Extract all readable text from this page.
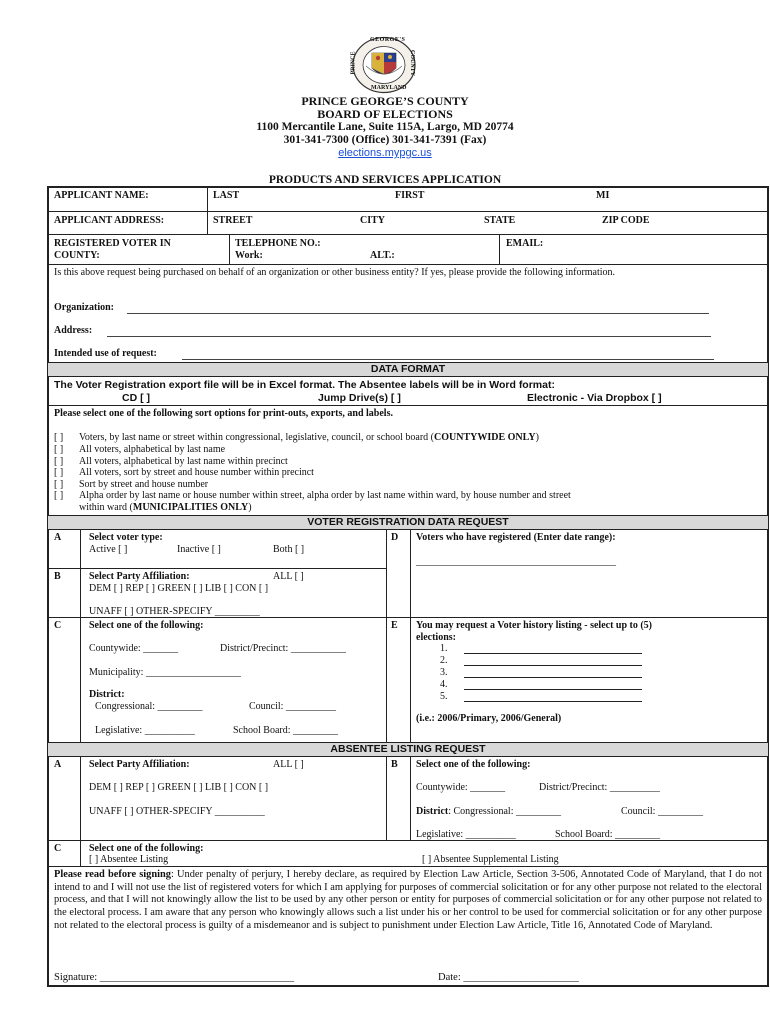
GEORGE'S
PRINCE	COUNTY
MARYLAND
PRINCE GEORGE’S COUNTY
BOARD OF ELECTIONS
1100 Mercantile Lane, Suite 115A, Largo, MD 20774
301-341-7300 (Office) 301-341-7391 (Fax)
elections.mypgc.us
PRODUCTS AND SERVICES APPLICATION
APPLICANT NAME:	LAST	FIRST	MI
APPLICANT ADDRESS:	STREET	CITY	STATE	ZIP CODE
REGISTERED VOTER IN
COUNTY:
TELEPHONE NO.:
Work:	ALT.:
EMAIL:
Is this above request being purchased on behalf of an organization or other business entity? If yes, please provide the following information.
Organization:
Address:
Intended use of request:
DATA FORMAT
The Voter Registration export file will be in Excel format. The Absentee labels will be in Word format:
CD [ ]	Jump Drive(s) [ ]	Electronic - Via Dropbox [ ]
Please select one of the following sort options for print-outs, exports, and labels.
[ ] Voters, by last name or street within congressional, legislative, council, or school board (COUNTYWIDE ONLY)
[ ] All voters, alphabetical by last name
[ ] All voters, alphabetical by last name within precinct
[ ] All voters, sort by street and house number within precinct
[ ] Sort by street and house number
[ ] Alpha order by last name or house number within street, alpha order by last name within ward, by house number and street
within ward (MUNICIPALITIES ONLY)
VOTER REGISTRATION DATA REQUEST
A	Select voter type:
Active [ ]	Inactive [ ]	Both [ ]
B	Select Party Affiliation:	ALL [ ]
DEM [ ] REP [ ] GREEN [ ] LIB [ ] CON [ ]
UNAFF [ ] OTHER-SPECIFY _________
D Voters who have registered (Enter date range):
________________________________________
C	Select one of the following:
Countywide: _______	District/Precinct: ___________
Municipality: ___________________
District:
Congressional: _________	Council: __________
Legislative: __________	School Board: _________
E You may request a Voter history listing - select up to (5)
elections:
1.
2.
3.
4.
5.
(i.e.: 2006/Primary, 2006/General)
ABSENTEE LISTING REQUEST
A	Select Party Affiliation:	ALL [ ]
DEM [ ] REP [ ] GREEN [ ] LIB [ ] CON [ ]
UNAFF [ ] OTHER-SPECIFY __________
B Select one of the following:
Countywide: _______	District/Precinct: __________
District: Congressional: _________	Council: _________
Legislative: __________	School Board: _________
C	Select one of the following:
[ ] Absentee Listing	[ ] Absentee Supplemental Listing
Please read before signing: Under penalty of perjury, I hereby declare, as required by Election Law Article, Section 3-506, Annotated Code of Maryland, that I do not intend to and I will not use the list of registered voters for which I am applying for purposes of commercial solicitation or for any other purpose not related to the electoral process, and that I will not knowingly allow the list to be used by any other person or entity for purposes of commercial solicitation or for any other purpose not related to the electoral process. I am aware that any person who knowingly allows such a list under his or her control to be used for commercial solicitation or for any other purpose not related to the electoral process is guilty of a misdemeanor and is subject to punishment under Election Law Article, Title 16, Annotated Code of Maryland.
Signature: _____________________________________	Date: ______________________
